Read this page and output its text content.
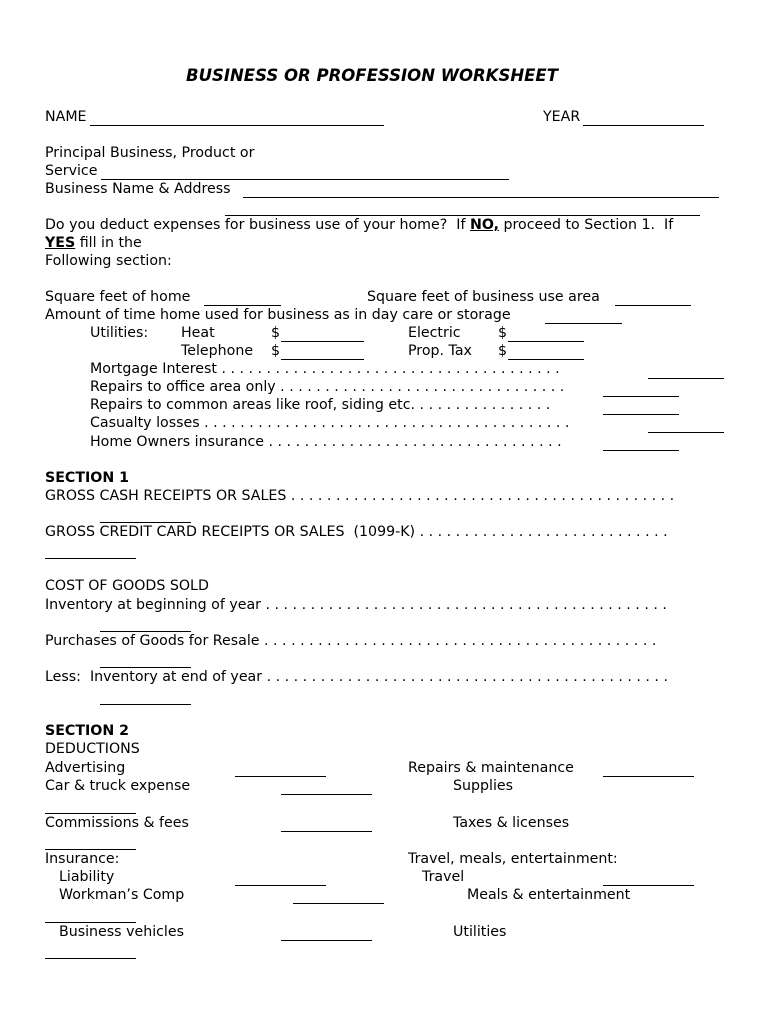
BUSINESS OR PROFESSION WORKSHEET
NAME	YEAR
Principal Business, Product or
Service
Business Name & Address
Do you deduct expenses for business use of your home?  If NO, proceed to Section 1.  If
YES fill in the
Following section:
Square feet of home	Square feet of business use area
Amount of time home used for business as in day care or storage
Utilities: Heat	$	Electric	$
Telephone $	Prop. Tax $
Mortgage Interest . . . . . . . . . . . . . . . . . . . . . . . . . . . . . . . . . . . . . .
Repairs to office area only . . . . . . . . . . . . . . . . . . . . . . . . . . . . . . . .
Repairs to common areas like roof, siding etc. . . . . . . . . . . . . . . .
Casualty losses . . . . . . . . . . . . . . . . . . . . . . . . . . . . . . . . . . . . . . . . .
Home Owners insurance . . . . . . . . . . . . . . . . . . . . . . . . . . . . . . . . .
SECTION 1
GROSS CASH RECEIPTS OR SALES . . . . . . . . . . . . . . . . . . . . . . . . . . . . . . . . . . . . . . . . . . .
GROSS CREDIT CARD RECEIPTS OR SALES  (1099-K) . . . . . . . . . . . . . . . . . . . . . . . . . . . .
COST OF GOODS SOLD
Inventory at beginning of year . . . . . . . . . . . . . . . . . . . . . . . . . . . . . . . . . . . . . . . . . . . . .
Purchases of Goods for Resale . . . . . . . . . . . . . . . . . . . . . . . . . . . . . . . . . . . . . . . . . . . .
Less:  Inventory at end of year . . . . . . . . . . . . . . . . . . . . . . . . . . . . . . . . . . . . . . . . . . . . .
SECTION 2
DEDUCTIONS
Advertising	Repairs & maintenance
Car & truck expense	Supplies
Commissions & fees	Taxes & licenses
Insurance:	Travel, meals, entertainment:
Liability	Travel
Workman’s Comp	Meals & entertainment
Business vehicles	Utilities
